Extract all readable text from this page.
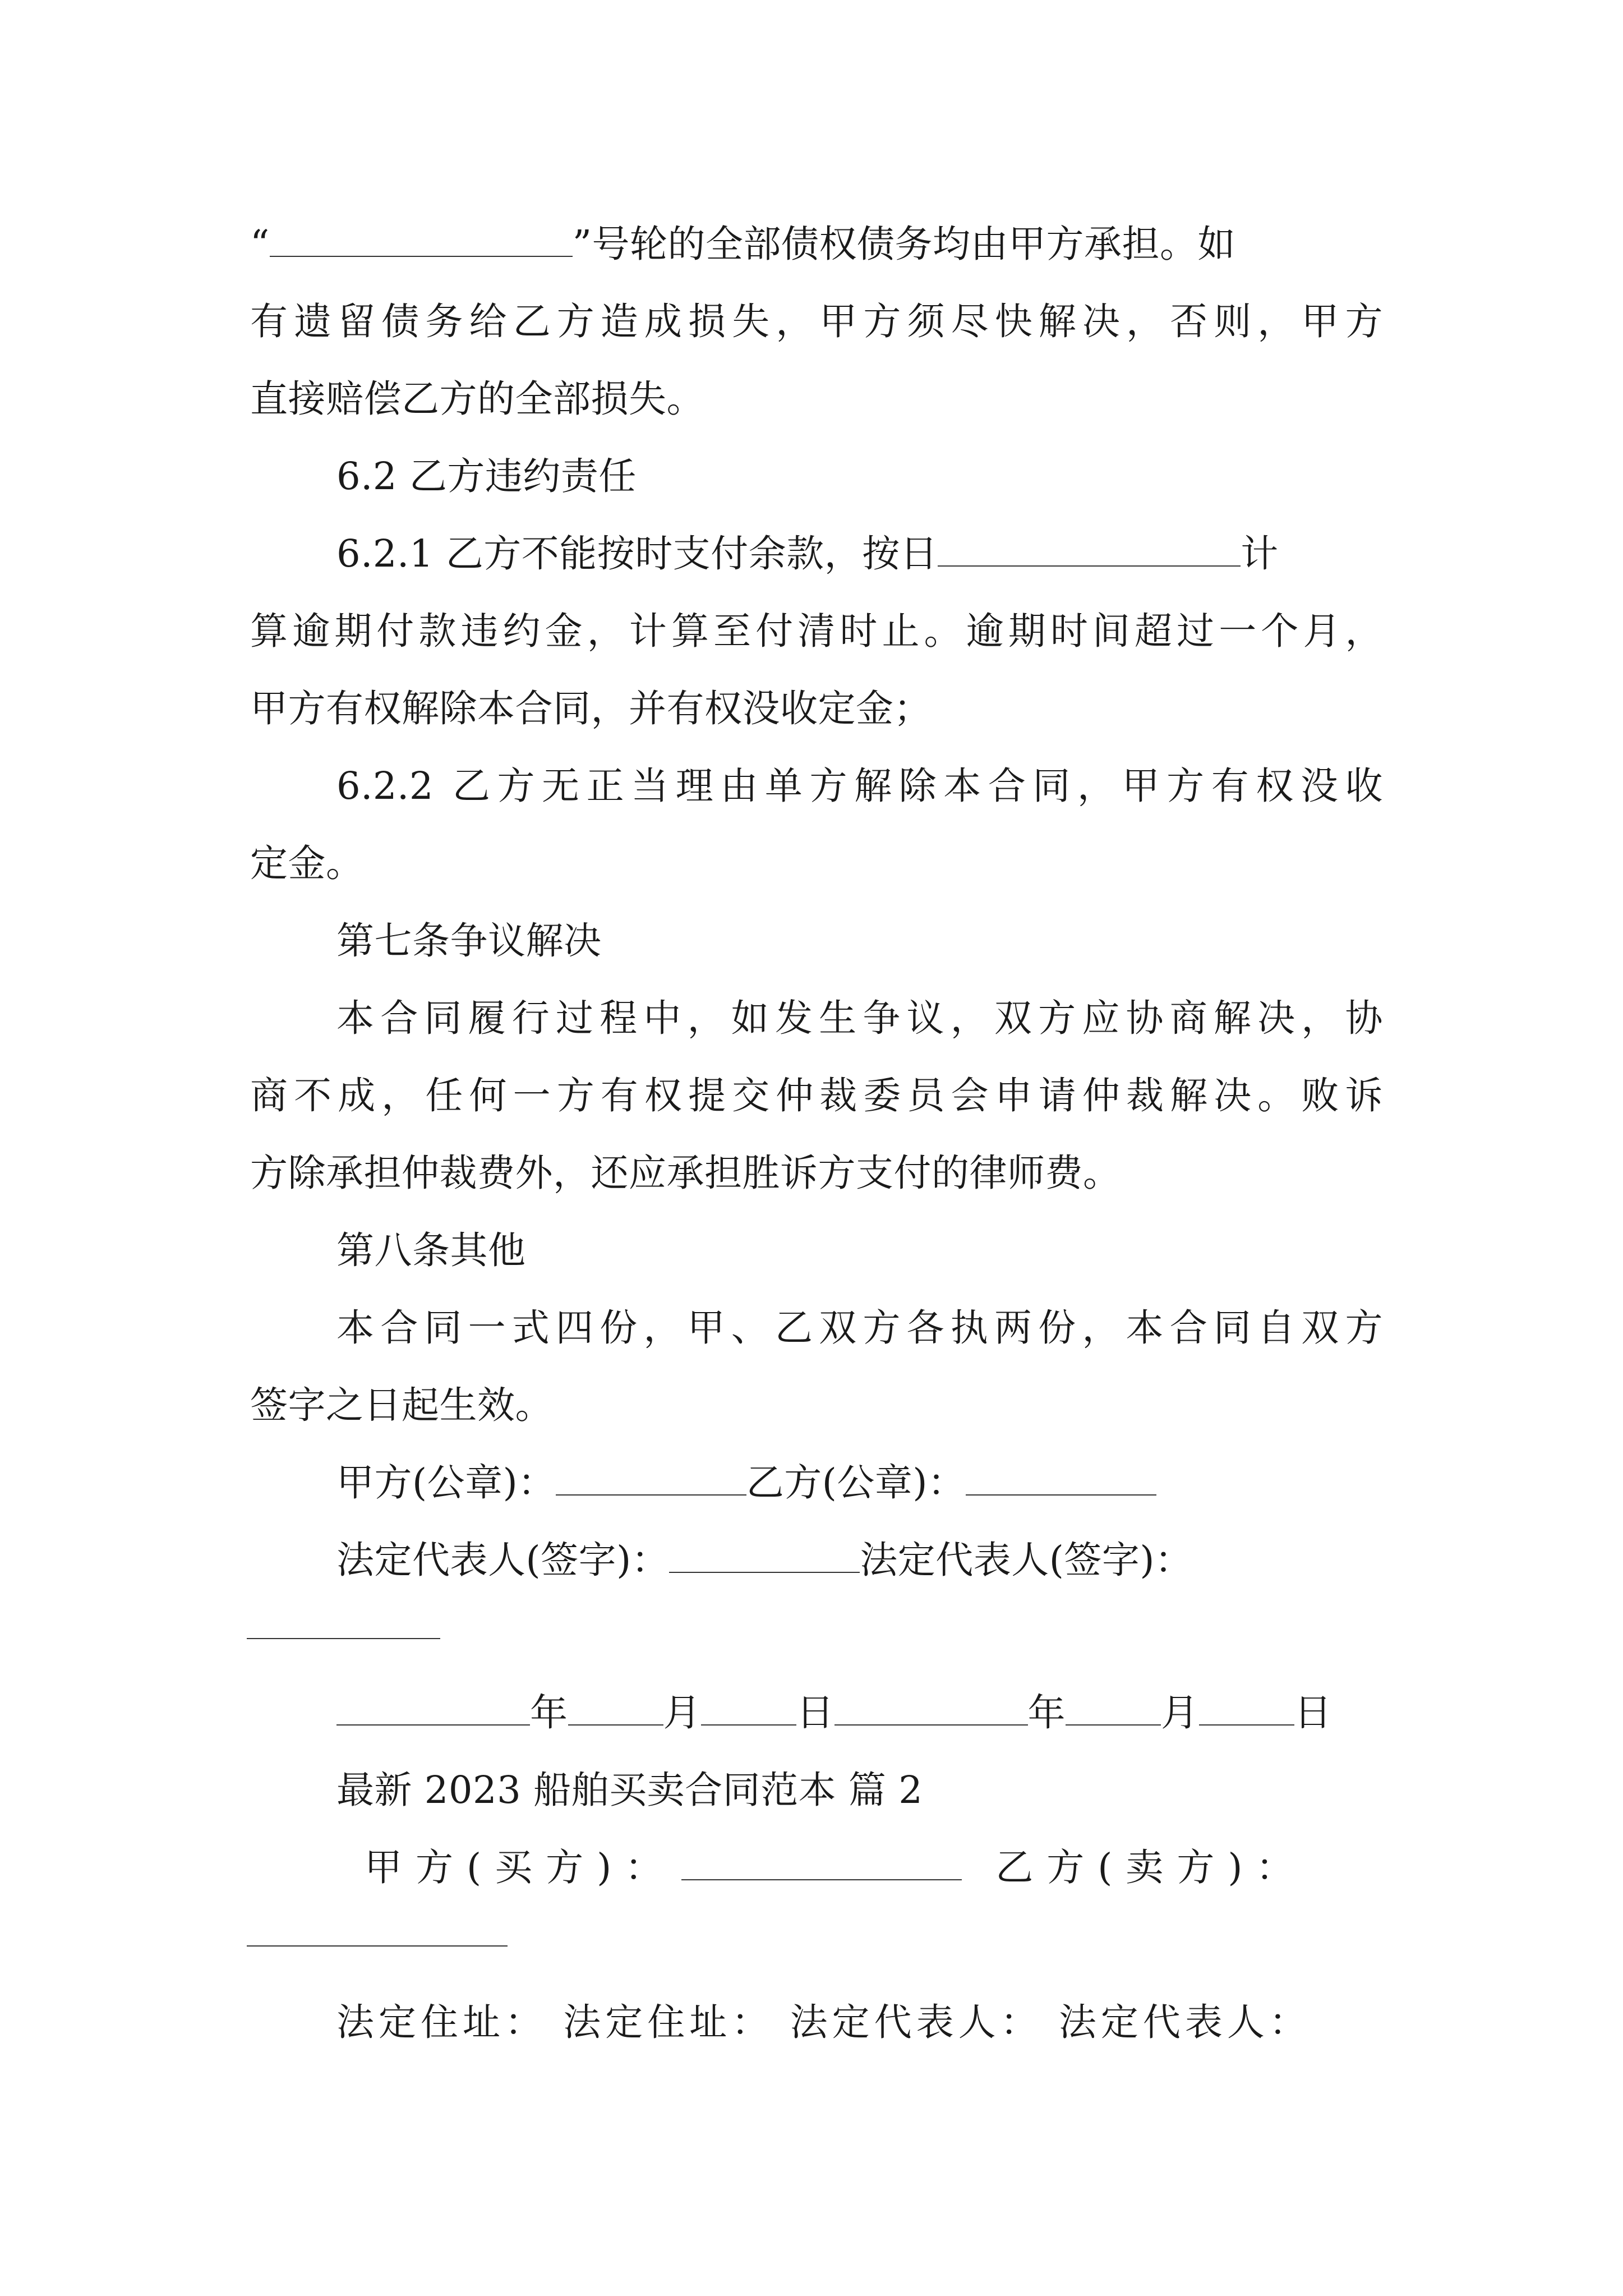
“	”号轮的全部债权债务均由甲方承担。如
有遗留债务给乙方造成损失，甲方须尽快解决，否则，甲方
直接赔偿乙方的全部损失。
6.2 乙方违约责任
6.2.1 乙方不能按时支付余款，按日	计
算逾期付款违约金，计算至付清时止。逾期时间超过一个月，
甲方有权解除本合同，并有权没收定金；
6.2.2 乙方无正当理由单方解除本合同，甲方有权没收
定金。
第七条争议解决
本合同履行过程中，如发生争议，双方应协商解决，协
商不成，任何一方有权提交仲裁委员会申请仲裁解决。败诉
方除承担仲裁费外，还应承担胜诉方支付的律师费。
第八条其他
本合同一式四份，甲、乙双方各执两份，本合同自双方
签字之日起生效。
甲方(公章)：	乙方(公章)：
法定代表人(签字)：	法定代表人(签字)：
年	月	日	年	月	日
最新 2023 船舶买卖合同范本 篇 2
甲方(买方)：	乙方(卖方)：
法定住址： 法定住址： 法定代表人： 法定代表人：
